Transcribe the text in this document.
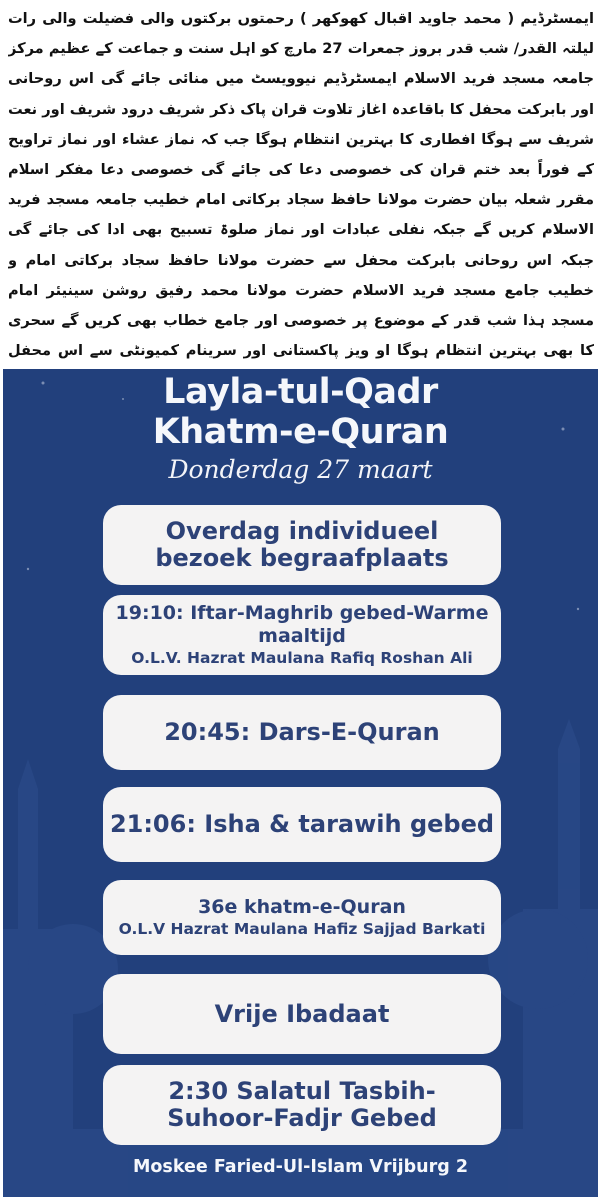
ایمسٹرڈیم ( محمد جاوید اقبال کھوکھر ) رحمتوں برکتوں والی فضیلت والی رات لیلتہ القدر/ شب قدر بروز جمعرات 27 مارچ کو اہل سنت و جماعت کے عظیم مرکز جامعہ مسجد فرید الاسلام ایمسٹرڈیم نیوویسٹ میں منائی جائے گی اس روحانی اور بابرکت محفل کا باقاعدہ اغاز تلاوت قران پاک ذکر شریف درود شریف اور نعت شریف سے ہوگا افطاری کا بہترین انتظام ہوگا جب کہ نماز عشاء اور نماز تراویح کے فوراً بعد ختم قران کی خصوصی دعا کی جائے گی خصوصی دعا مفکر اسلام مقرر شعلہ بیان حضرت مولانا حافظ سجاد برکاتی امام خطیب جامعہ مسجد فرید الاسلام کریں گے جبکہ نفلی عبادات اور نماز صلوۃ تسبیح بھی ادا کی جائے گی جبکہ اس روحانی بابرکت محفل سے حضرت مولانا حافظ سجاد برکاتی امام و خطیب جامع مسجد فرید الاسلام حضرت مولانا محمد رفیق روشن سینیئر امام مسجد ہذا شب قدر کے موضوع پر خصوصی اور جامع خطاب بھی کریں گے سحری کا بھی بہترین انتظام ہوگا او ویز پاکستانی اور سرینام کمیونٹی سے اس محفل
Layla-tul-Qadr
Khatm-e-Quran
Donderdag 27 maart
Overdag individueel
bezoek begraafplaats
19:10: Iftar-Maghrib gebed-Warme
maaltijd
O.L.V. Hazrat Maulana Rafiq Roshan Ali
20:45: Dars-E-Quran
21:06: Isha & tarawih gebed
36e khatm-e-Quran
O.L.V Hazrat Maulana Hafiz Sajjad Barkati
Vrije Ibadaat
2:30 Salatul Tasbih-
Suhoor-Fadjr Gebed
Moskee Faried-Ul-Islam Vrijburg 2
